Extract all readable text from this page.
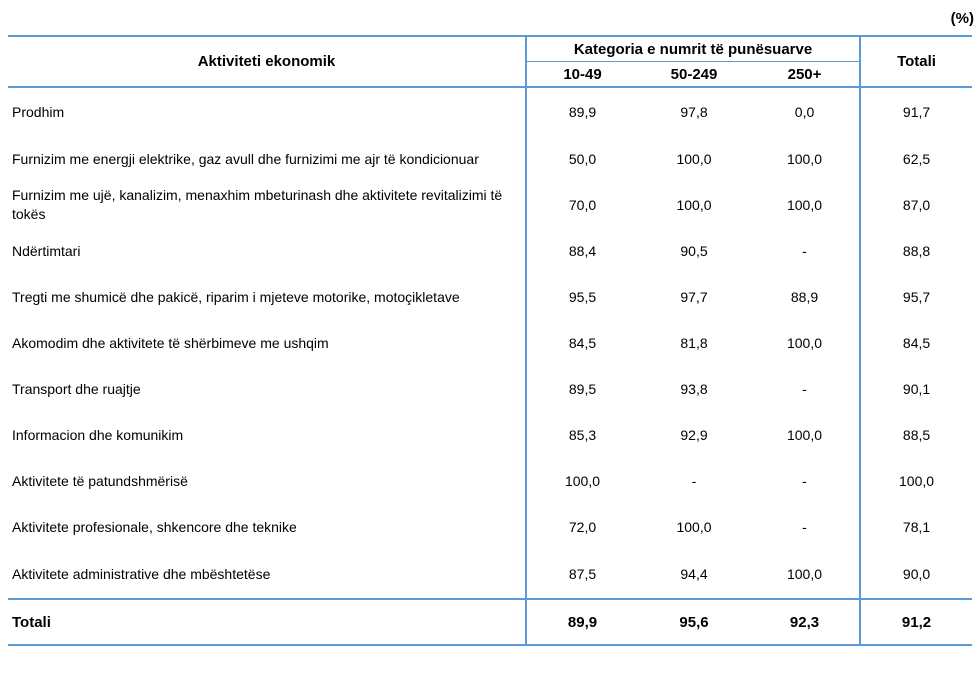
(%)
Aktiviteti ekonomik	Kategoria e numrit të punësuarve			Totali
	10-49	50-249	250+	
Prodhim	89,9	97,8	0,0	91,7
Furnizim me energji elektrike, gaz avull dhe furnizimi me ajr të kondicionuar	50,0	100,0	100,0	62,5
Furnizim me ujë, kanalizim, menaxhim mbeturinash dhe aktivitete revitalizimi të tokës	70,0	100,0	100,0	87,0
Ndërtimtari	88,4	90,5	-	88,8
Tregti me shumicë dhe pakicë, riparim i mjeteve motorike, motoçikletave	95,5	97,7	88,9	95,7
Akomodim dhe aktivitete të shërbimeve me ushqim	84,5	81,8	100,0	84,5
Transport dhe ruajtje	89,5	93,8	-	90,1
Informacion dhe komunikim	85,3	92,9	100,0	88,5
Aktivitete të patundshmërisë	100,0	-	-	100,0
Aktivitete profesionale, shkencore dhe teknike	72,0	100,0	-	78,1
Aktivitete administrative dhe mbështetëse	87,5	94,4	100,0	90,0
Totali	89,9	95,6	92,3	91,2
